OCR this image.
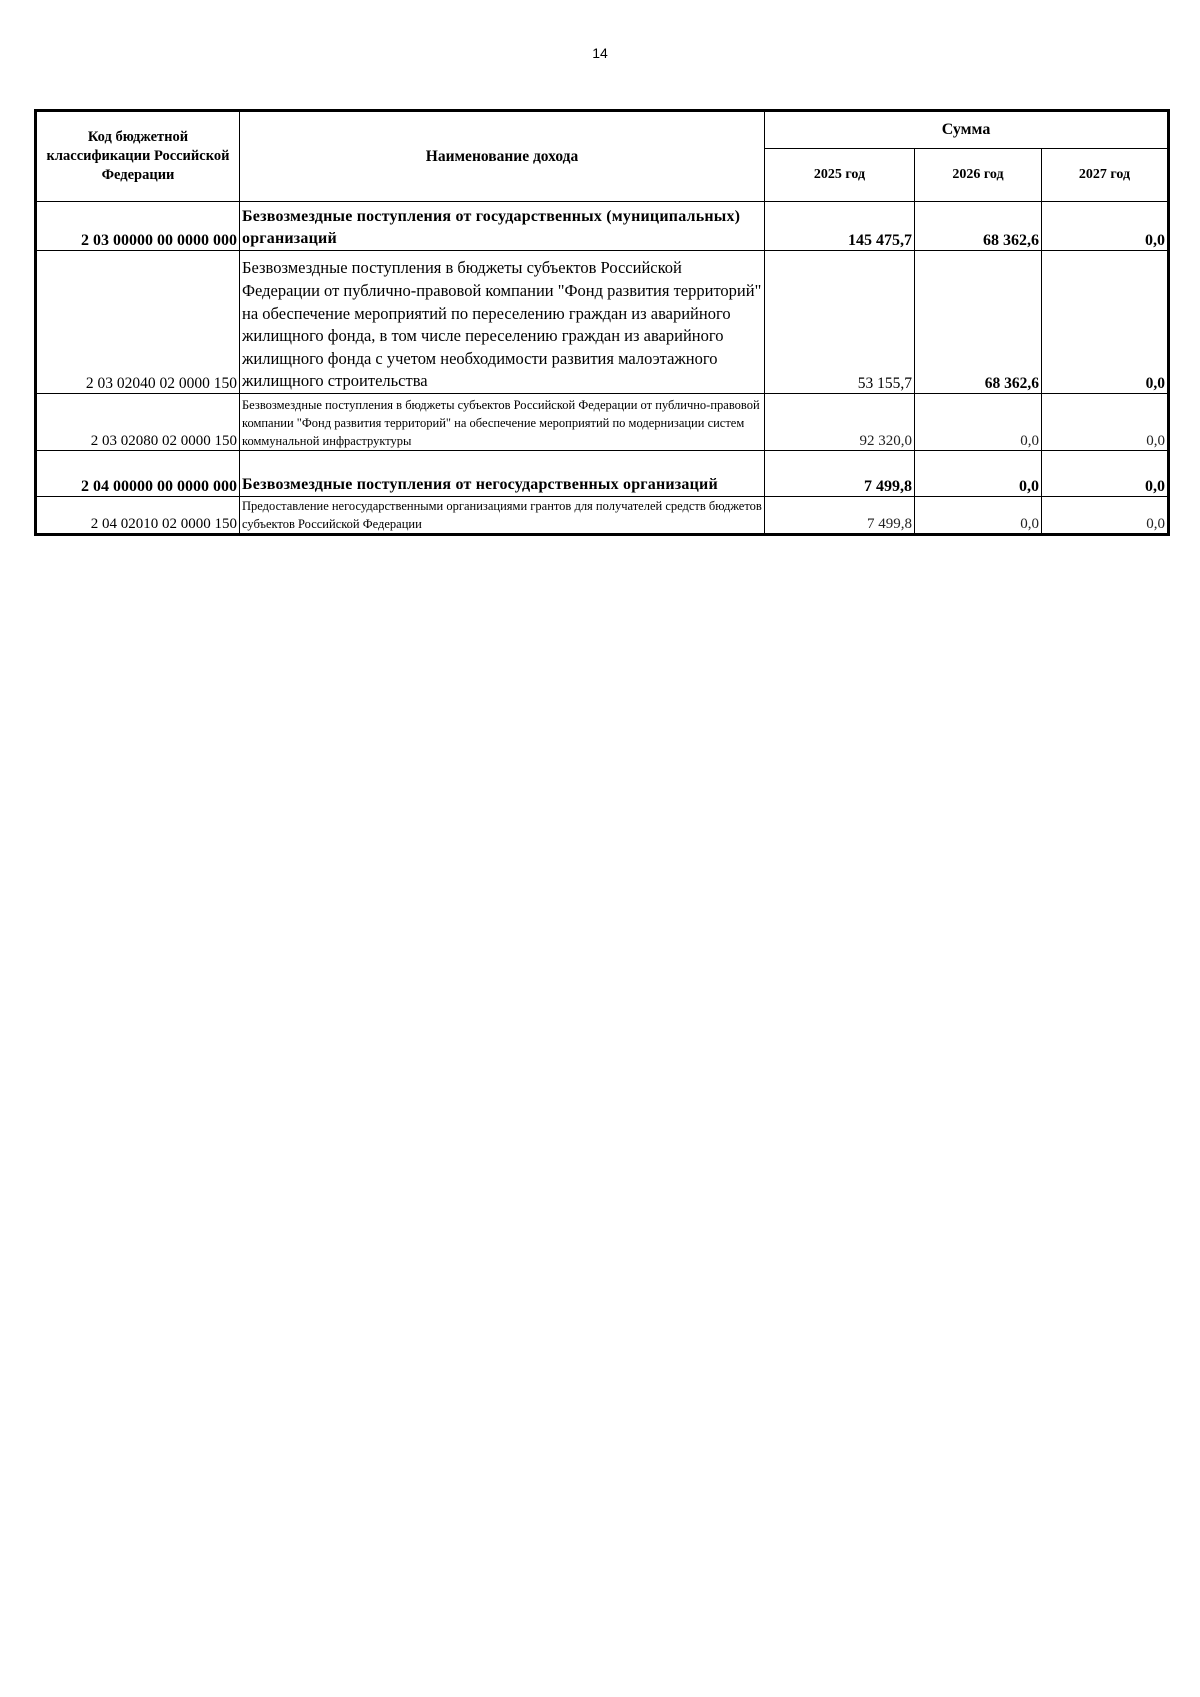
14
Код бюджетной классификации Российской Федерации	Наименование дохода	Сумма		
		2025 год	2026 год	2027 год
2 03 00000 00 0000 000	Безвозмездные поступления от государственных (муниципальных) организаций	145 475,7	68 362,6	0,0
2 03 02040 02 0000 150	Безвозмездные поступления в бюджеты субъектов Российской Федерации от публично-правовой компании "Фонд развития территорий" на обеспечение мероприятий по переселению граждан из аварийного жилищного фонда, в том числе переселению граждан из аварийного жилищного фонда с учетом необходимости развития малоэтажного жилищного строительства	53 155,7	68 362,6	0,0
2 03 02080 02 0000 150	Безвозмездные поступления в бюджеты субъектов Российской Федерации от публично-правовой компании "Фонд развития территорий" на обеспечение мероприятий по модернизации систем коммунальной инфраструктуры	92 320,0	0,0	0,0
2 04 00000 00 0000 000	Безвозмездные поступления от негосударственных организаций	7 499,8	0,0	0,0
2 04 02010 02 0000 150	Предоставление негосударственными организациями грантов для получателей средств бюджетов субъектов Российской Федерации	7 499,8	0,0	0,0
